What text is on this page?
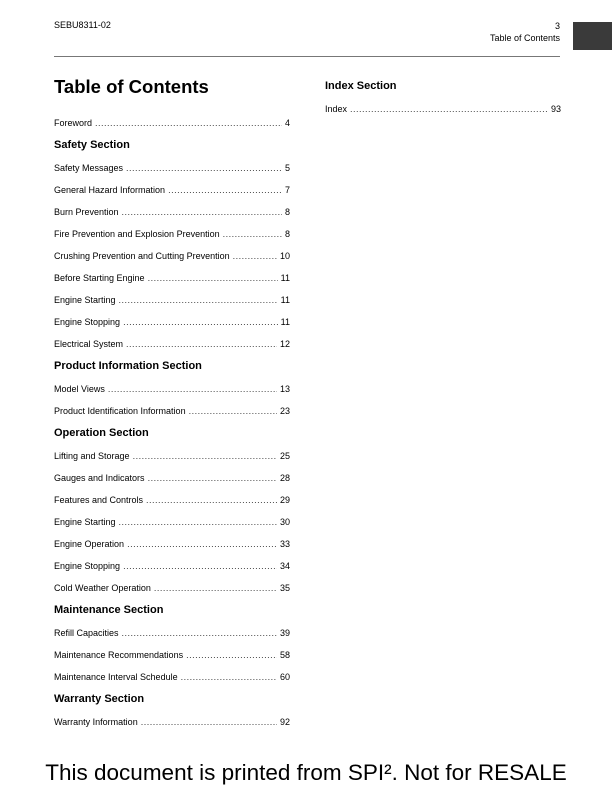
SEBU8311-02	3
Table of Contents
Table of Contents
Foreword .....	4
Safety Section
Safety Messages .....	5
General Hazard Information .....	7
Burn Prevention .....	8
Fire Prevention and Explosion Prevention .....	8
Crushing Prevention and Cutting Prevention .....	10
Before Starting Engine .....	11
Engine Starting .....	11
Engine Stopping .....	11
Electrical System .....	12
Product Information Section
Model Views .....	13
Product Identification Information .....	23
Operation Section
Lifting and Storage .....	25
Gauges and Indicators .....	28
Features and Controls .....	29
Engine Starting .....	30
Engine Operation .....	33
Engine Stopping .....	34
Cold Weather Operation .....	35
Maintenance Section
Refill Capacities .....	39
Maintenance Recommendations .....	58
Maintenance Interval Schedule .....	60
Warranty Section
Warranty Information .....	92
Index Section
Index .....	93
This document is printed from SPI². Not for RESALE
